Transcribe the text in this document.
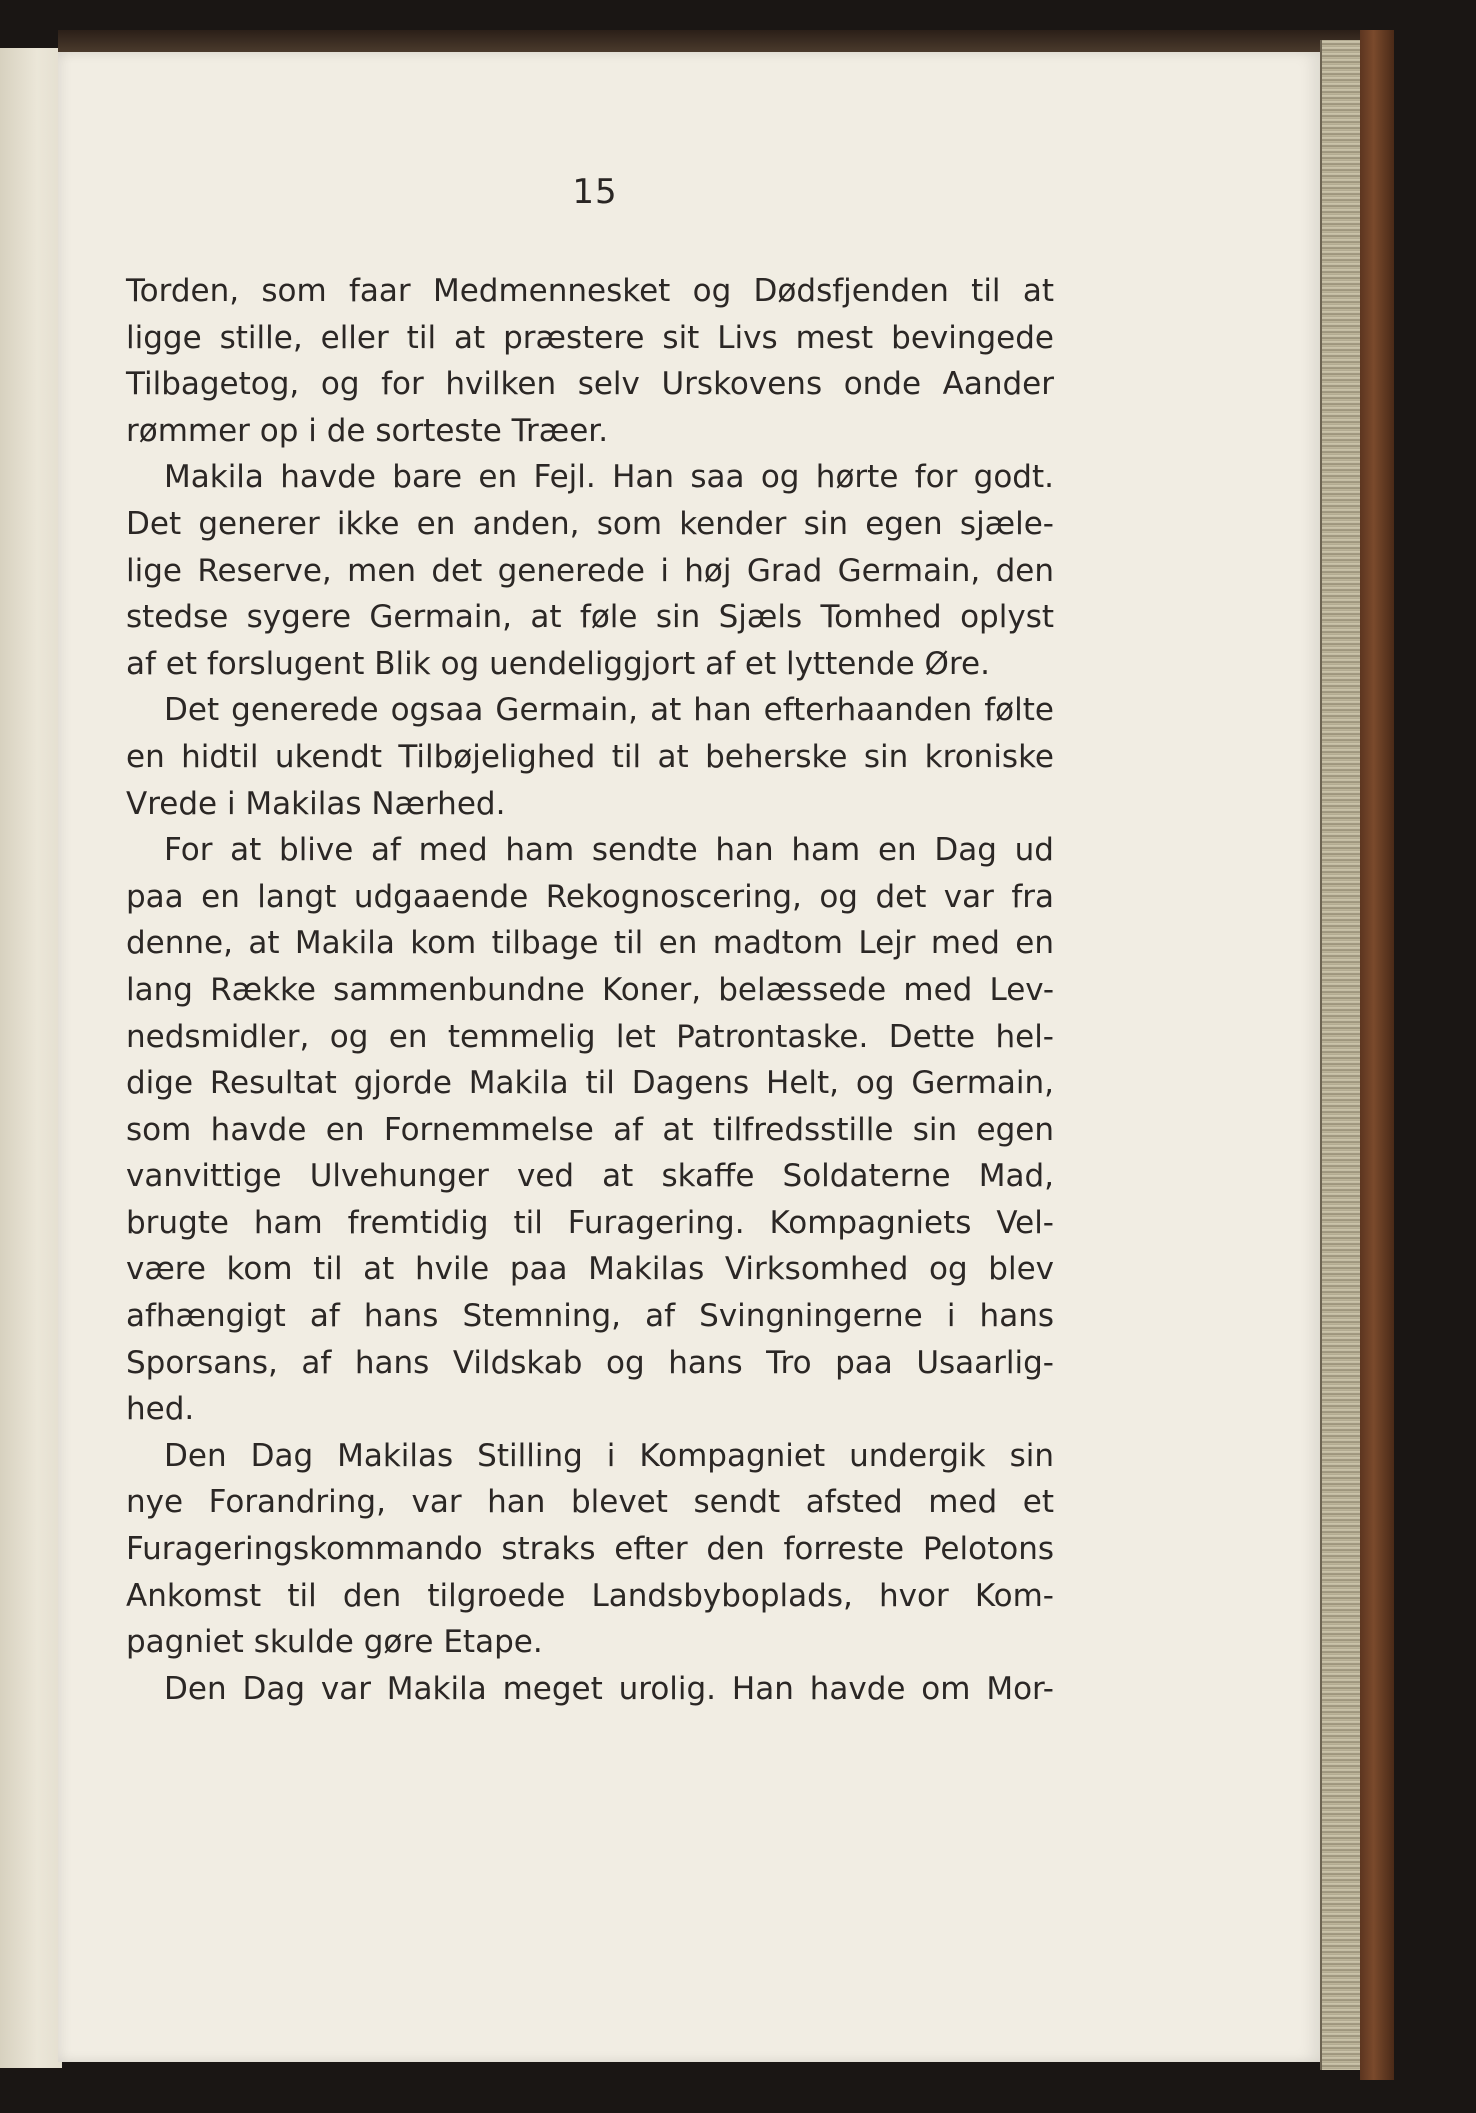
15
Torden, som faar Medmennesket og Dødsfjenden til at
ligge stille, eller til at præstere sit Livs mest bevingede
Tilbagetog, og for hvilken selv Urskovens onde Aander
rømmer op i de sorteste Træer.
Makila havde bare en Fejl. Han saa og hørte for godt.
Det generer ikke en anden, som kender sin egen sjæle-
lige Reserve, men det generede i høj Grad Germain, den
stedse sygere Germain, at føle sin Sjæls Tomhed oplyst
af et forslugent Blik og uendeliggjort af et lyttende Øre.
Det generede ogsaa Germain, at han efterhaanden følte
en hidtil ukendt Tilbøjelighed til at beherske sin kroniske
Vrede i Makilas Nærhed.
For at blive af med ham sendte han ham en Dag ud
paa en langt udgaaende Rekognoscering, og det var fra
denne, at Makila kom tilbage til en madtom Lejr med en
lang Række sammenbundne Koner, belæssede med Lev-
nedsmidler, og en temmelig let Patrontaske. Dette hel-
dige Resultat gjorde Makila til Dagens Helt, og Germain,
som havde en Fornemmelse af at tilfredsstille sin egen
vanvittige Ulvehunger ved at skaffe Soldaterne Mad,
brugte ham fremtidig til Furagering. Kompagniets Vel-
være kom til at hvile paa Makilas Virksomhed og blev
afhængigt af hans Stemning, af Svingningerne i hans
Sporsans, af hans Vildskab og hans Tro paa Usaarlig-
hed.
Den Dag Makilas Stilling i Kompagniet undergik sin
nye Forandring, var han blevet sendt afsted med et
Furageringskommando straks efter den forreste Pelotons
Ankomst til den tilgroede Landsbyboplads, hvor Kom-
pagniet skulde gøre Etape.
Den Dag var Makila meget urolig. Han havde om Mor-
